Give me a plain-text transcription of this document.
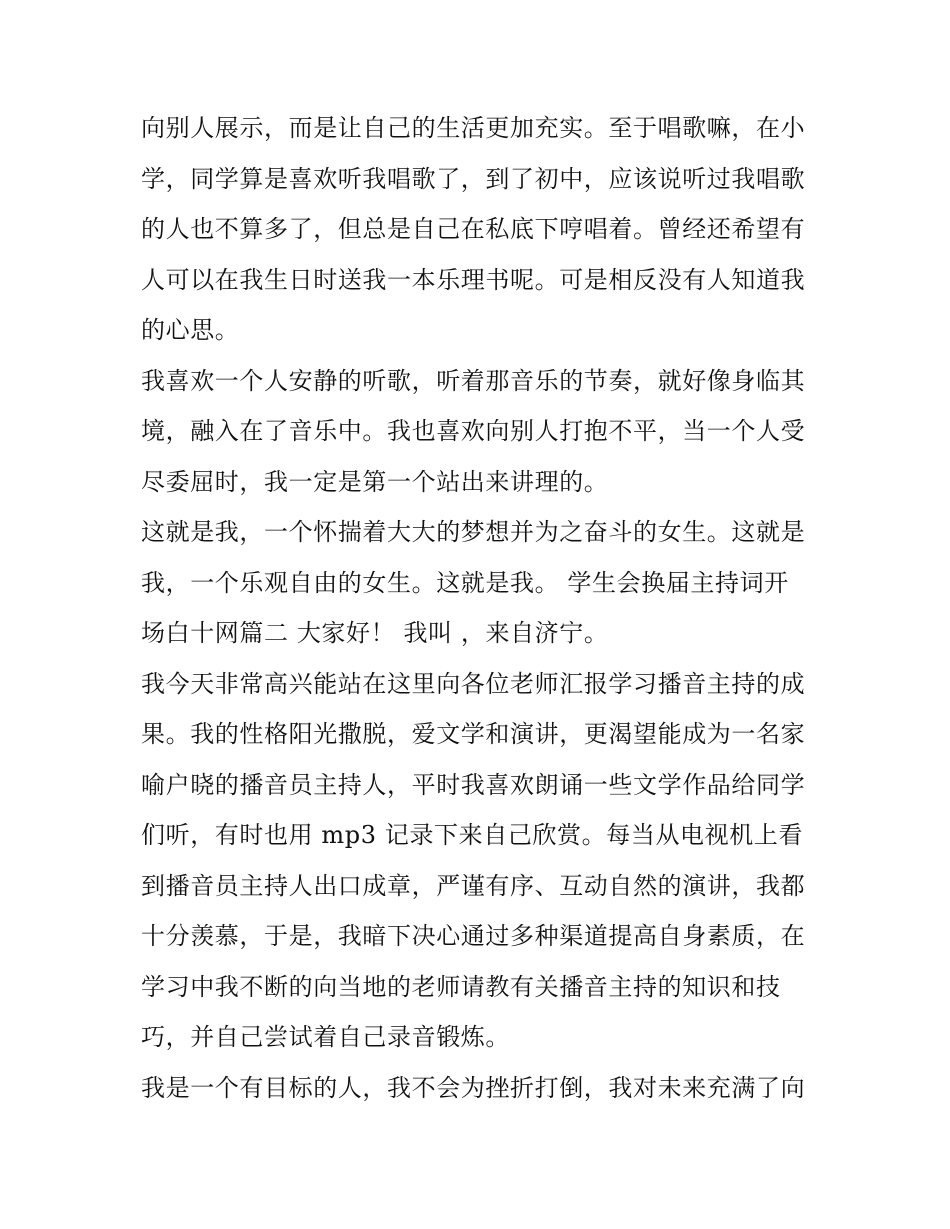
向别人展示，而是让自己的生活更加充实。至于唱歌嘛，在小
学，同学算是喜欢听我唱歌了，到了初中，应该说听过我唱歌
的人也不算多了，但总是自己在私底下哼唱着。曾经还希望有
人可以在我生日时送我一本乐理书呢。可是相反没有人知道我
的心思。
我喜欢一个人安静的听歌，听着那音乐的节奏，就好像身临其
境，融入在了音乐中。我也喜欢向别人打抱不平，当一个人受
尽委屈时，我一定是第一个站出来讲理的。
这就是我，一个怀揣着大大的梦想并为之奋斗的女生。这就是
我，一个乐观自由的女生。这就是我。 学生会换届主持词开
场白十网篇二 大家好！ 我叫 ，来自济宁。
我今天非常高兴能站在这里向各位老师汇报学习播音主持的成
果。我的性格阳光撒脱，爱文学和演讲，更渴望能成为一名家
喻户晓的播音员主持人，平时我喜欢朗诵一些文学作品给同学
们听，有时也用 mp3 记录下来自己欣赏。每当从电视机上看
到播音员主持人出口成章，严谨有序、互动自然的演讲，我都
十分羡慕，于是，我暗下决心通过多种渠道提高自身素质，在
学习中我不断的向当地的老师请教有关播音主持的知识和技
巧，并自己尝试着自己录音锻炼。
我是一个有目标的人，我不会为挫折打倒，我对未来充满了向
